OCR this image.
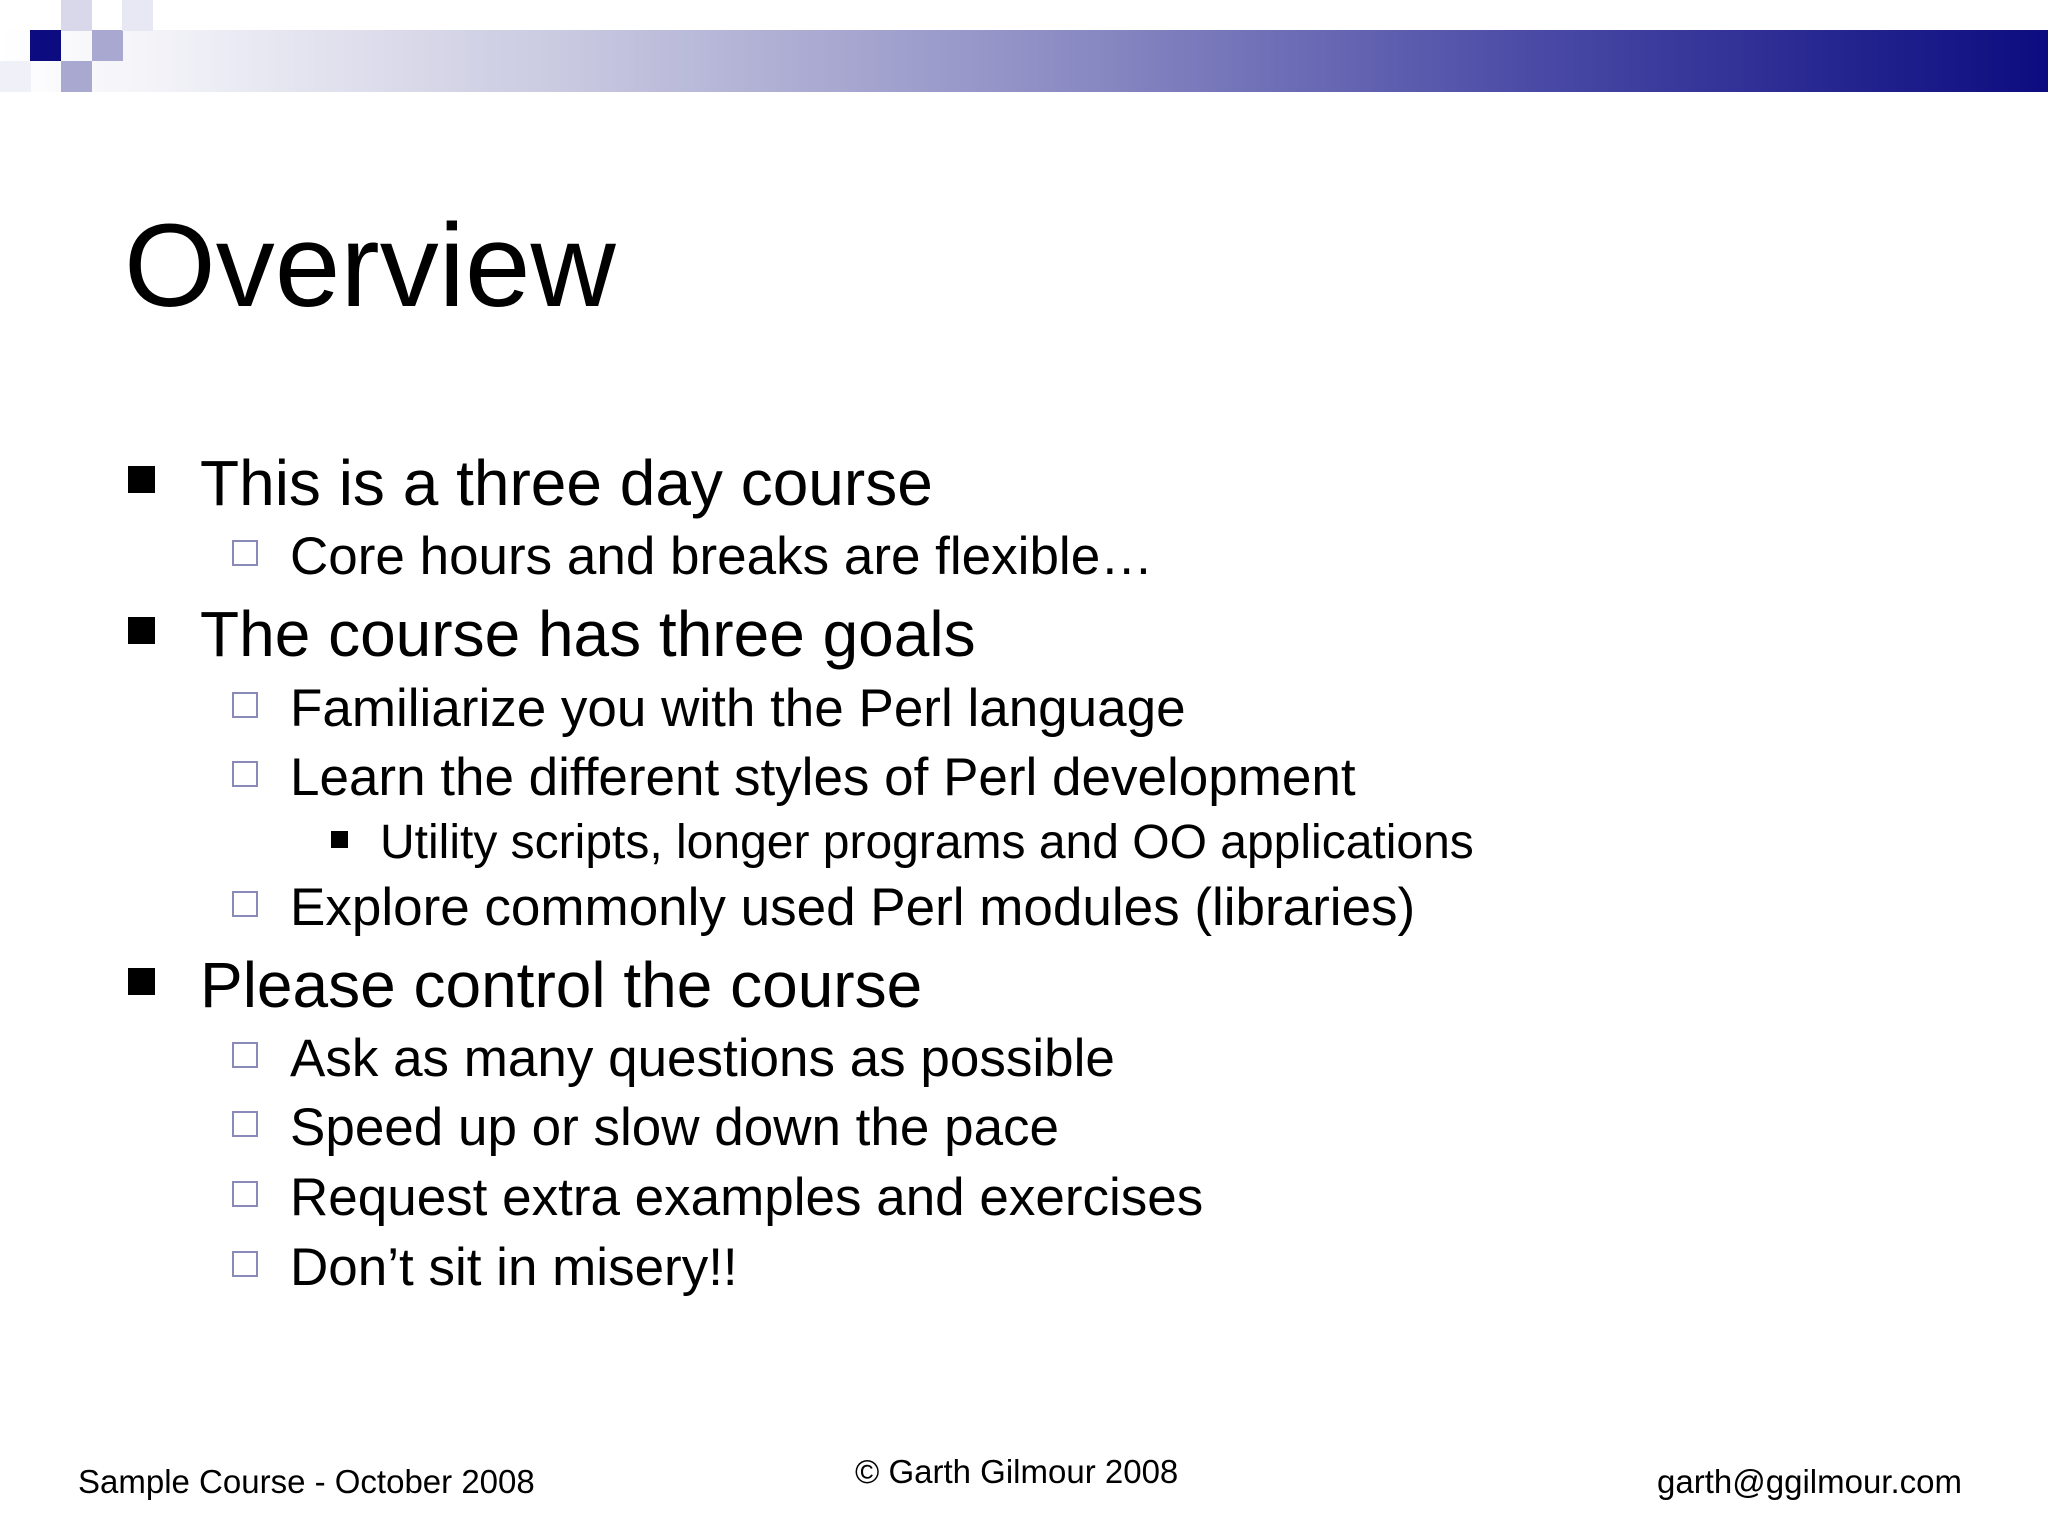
Overview
This is a three day course
Core hours and breaks are flexible…
The course has three goals
Familiarize you with the Perl language
Learn the different styles of Perl development
Utility scripts, longer programs and OO applications
Explore commonly used Perl modules (libraries)
Please control the course
Ask as many questions as possible
Speed up or slow down the pace
Request extra examples and exercises
Don’t sit in misery!!
Sample Course - October 2008	© Garth Gilmour 2008	garth@ggilmour.com
